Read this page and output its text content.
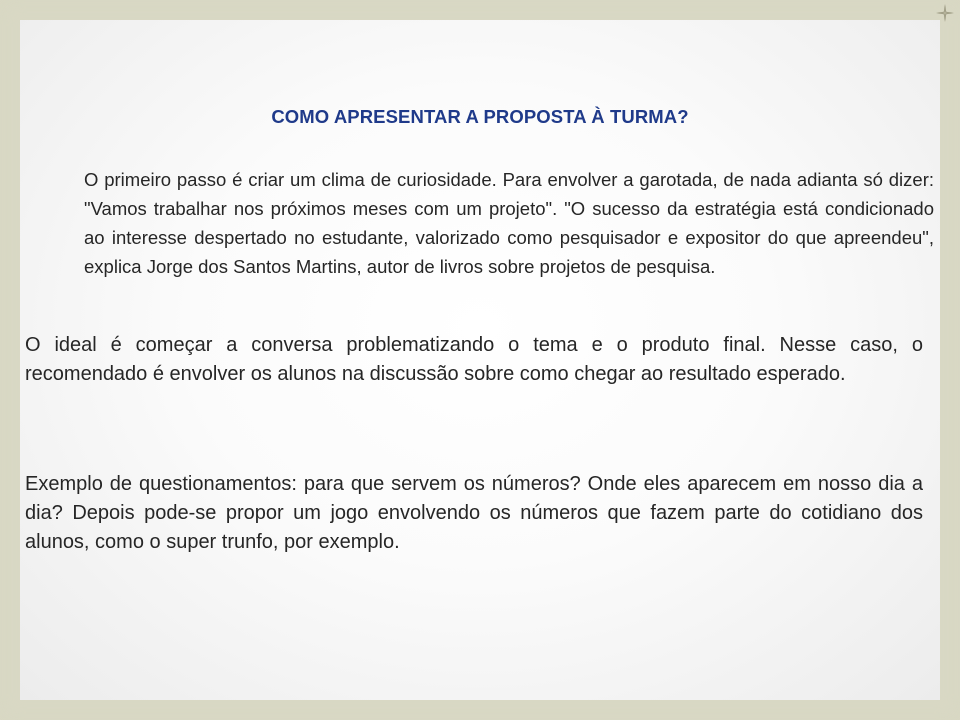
COMO APRESENTAR A PROPOSTA À TURMA?

O primeiro passo é criar um clima de curiosidade. Para envolver a garotada, de nada adianta só dizer: "Vamos trabalhar nos próximos meses com um projeto". "O sucesso da estratégia está condicionado ao interesse despertado no estudante, valorizado como pesquisador e expositor do que apreendeu", explica Jorge dos Santos Martins, autor de livros sobre projetos de pesquisa.

O ideal é começar a conversa problematizando o tema e o produto final. Nesse caso, o recomendado é envolver os alunos na discussão sobre como chegar ao resultado esperado.

Exemplo de questionamentos: para que servem os números? Onde eles aparecem em nosso dia a dia? Depois pode-se propor um jogo envolvendo os números que fazem parte do cotidiano dos alunos, como o super trunfo, por exemplo.
